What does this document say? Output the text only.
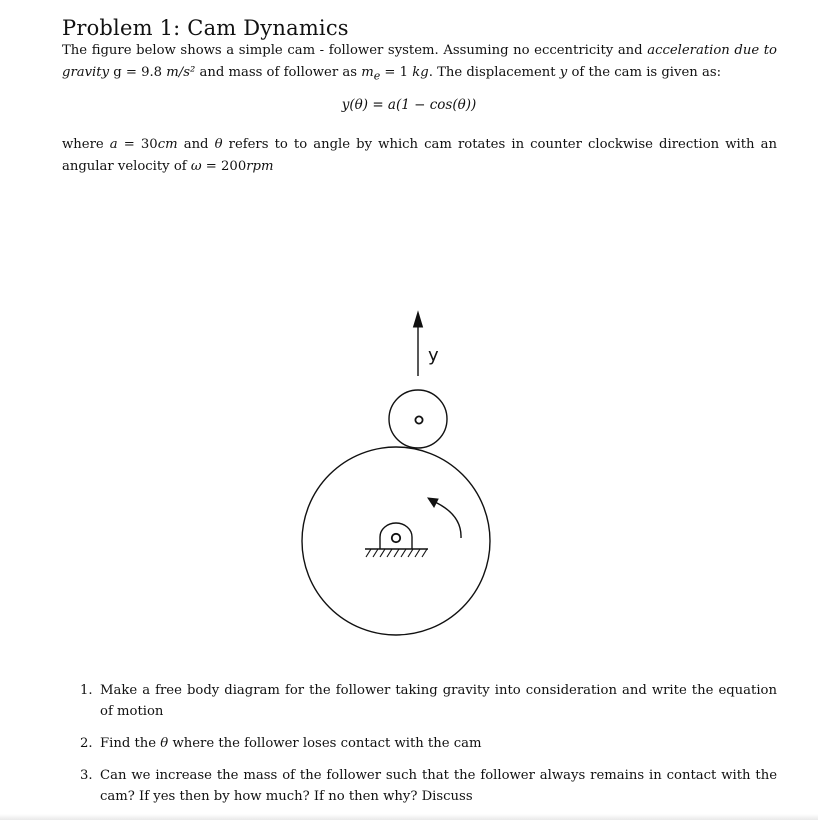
Problem 1: Cam Dynamics

The figure below shows a simple cam - follower system. Assuming no eccentricity and acceleration due to gravity g = 9.8 m/s² and mass of follower as $m_e = 1$ kg. The displacement y of the cam is given as:

y(θ) = a(1 − cos(θ))

where a = 30cm and θ refers to to angle by which cam rotates in counter clockwise direction with an angular velocity of ω = 200rpm

y
1. Make a free body diagram for the follower taking gravity into consideration and write the equation of motion
2. Find the θ where the follower loses contact with the cam
3. Can we increase the mass of the follower such that the follower always remains in contact with the cam? If yes then by how much? If no then why? Discuss
